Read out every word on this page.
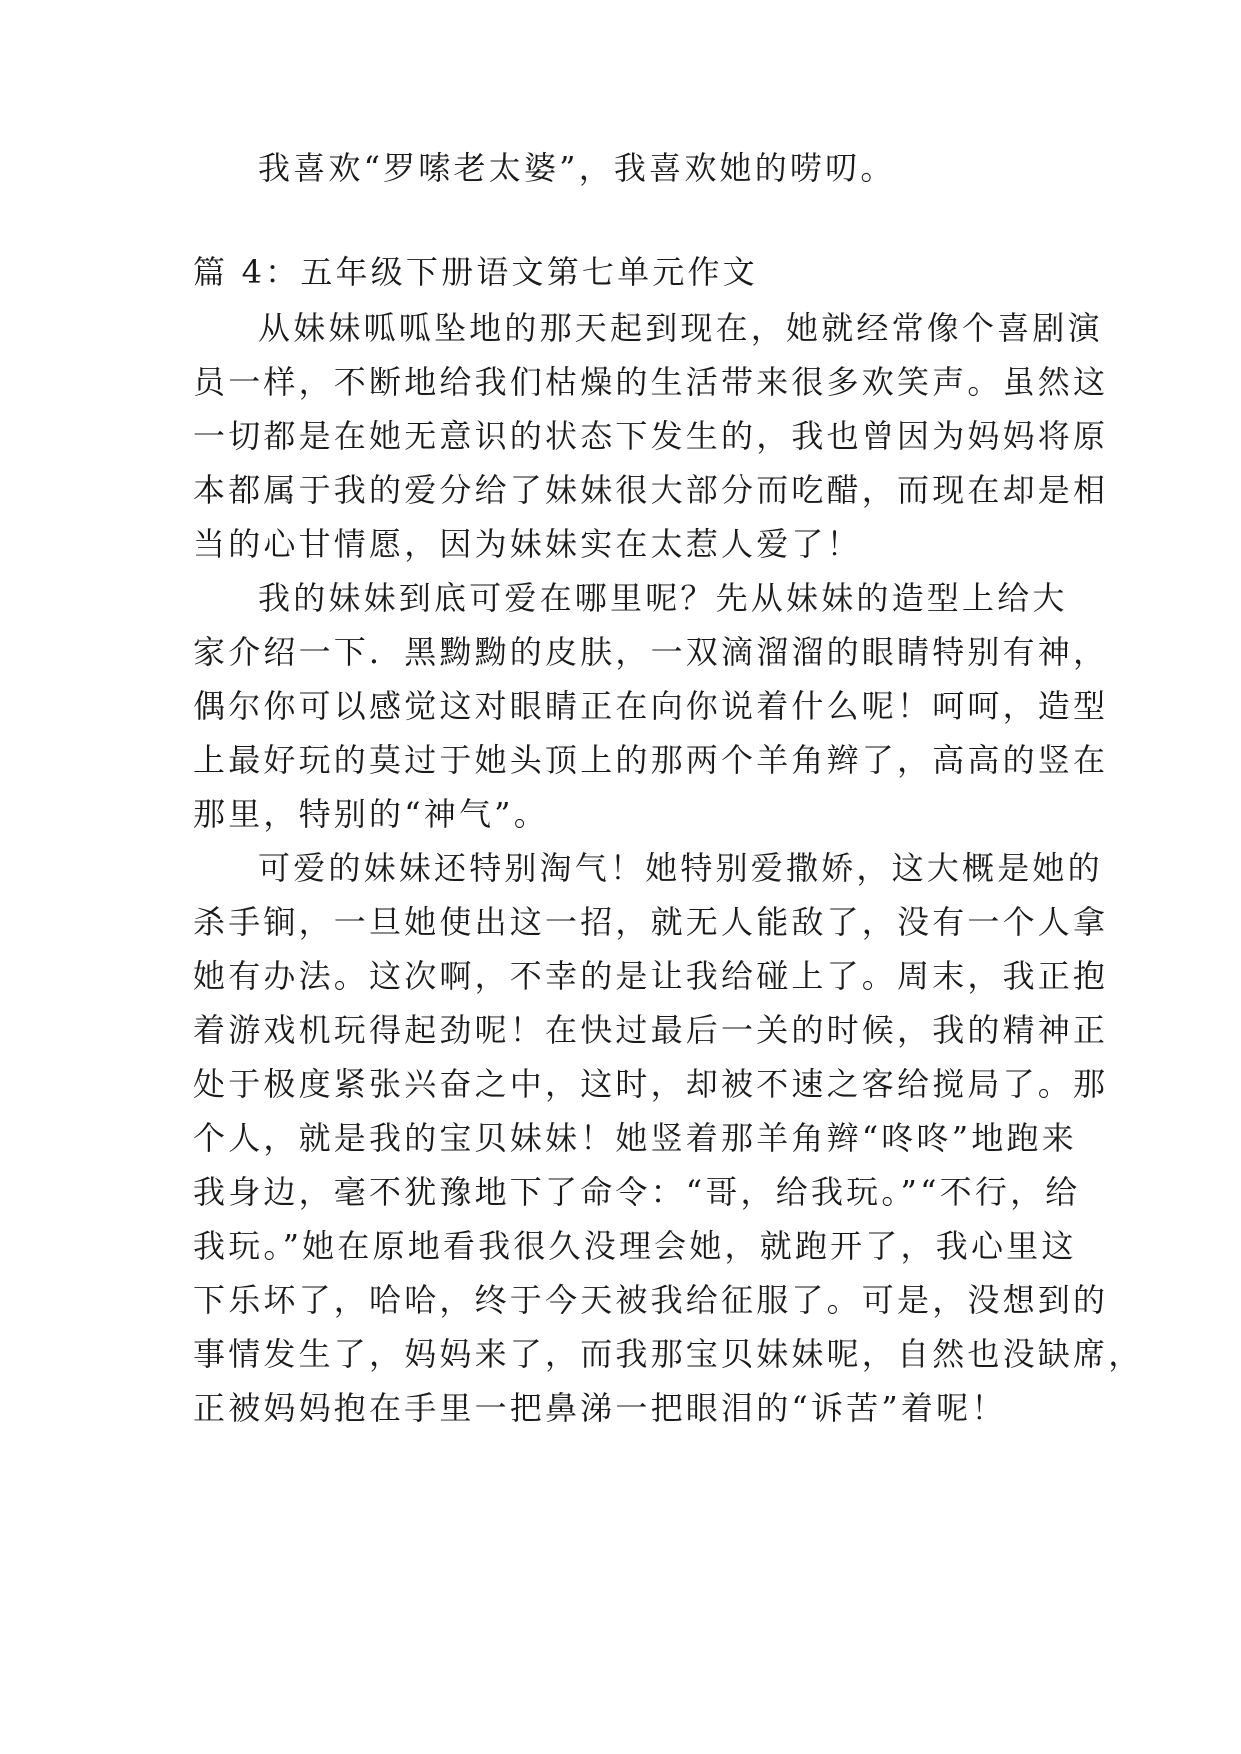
我喜欢“罗嗦老太婆”，我喜欢她的唠叨。
篇 4：五年级下册语文第七单元作文
从妹妹呱呱坠地的那天起到现在，她就经常像个喜剧演
员一样，不断地给我们枯燥的生活带来很多欢笑声。虽然这
一切都是在她无意识的状态下发生的，我也曾因为妈妈将原
本都属于我的爱分给了妹妹很大部分而吃醋，而现在却是相
当的心甘情愿，因为妹妹实在太惹人爱了！
我的妹妹到底可爱在哪里呢？先从妹妹的造型上给大
家介绍一下．黑黝黝的皮肤，一双滴溜溜的眼睛特别有神，
偶尔你可以感觉这对眼睛正在向你说着什么呢！呵呵，造型
上最好玩的莫过于她头顶上的那两个羊角辫了，高高的竖在
那里，特别的“神气”。
可爱的妹妹还特别淘气！她特别爱撒娇，这大概是她的
杀手锏，一旦她使出这一招，就无人能敌了，没有一个人拿
她有办法。这次啊，不幸的是让我给碰上了。周末，我正抱
着游戏机玩得起劲呢！在快过最后一关的时候，我的精神正
处于极度紧张兴奋之中，这时，却被不速之客给搅局了。那
个人，就是我的宝贝妹妹！她竖着那羊角辫“咚咚”地跑来
我身边，毫不犹豫地下了命令：“哥，给我玩。”“不行，给
我玩。”她在原地看我很久没理会她，就跑开了，我心里这
下乐坏了，哈哈，终于今天被我给征服了。可是，没想到的
事情发生了，妈妈来了，而我那宝贝妹妹呢，自然也没缺席，
正被妈妈抱在手里一把鼻涕一把眼泪的“诉苦”着呢！
